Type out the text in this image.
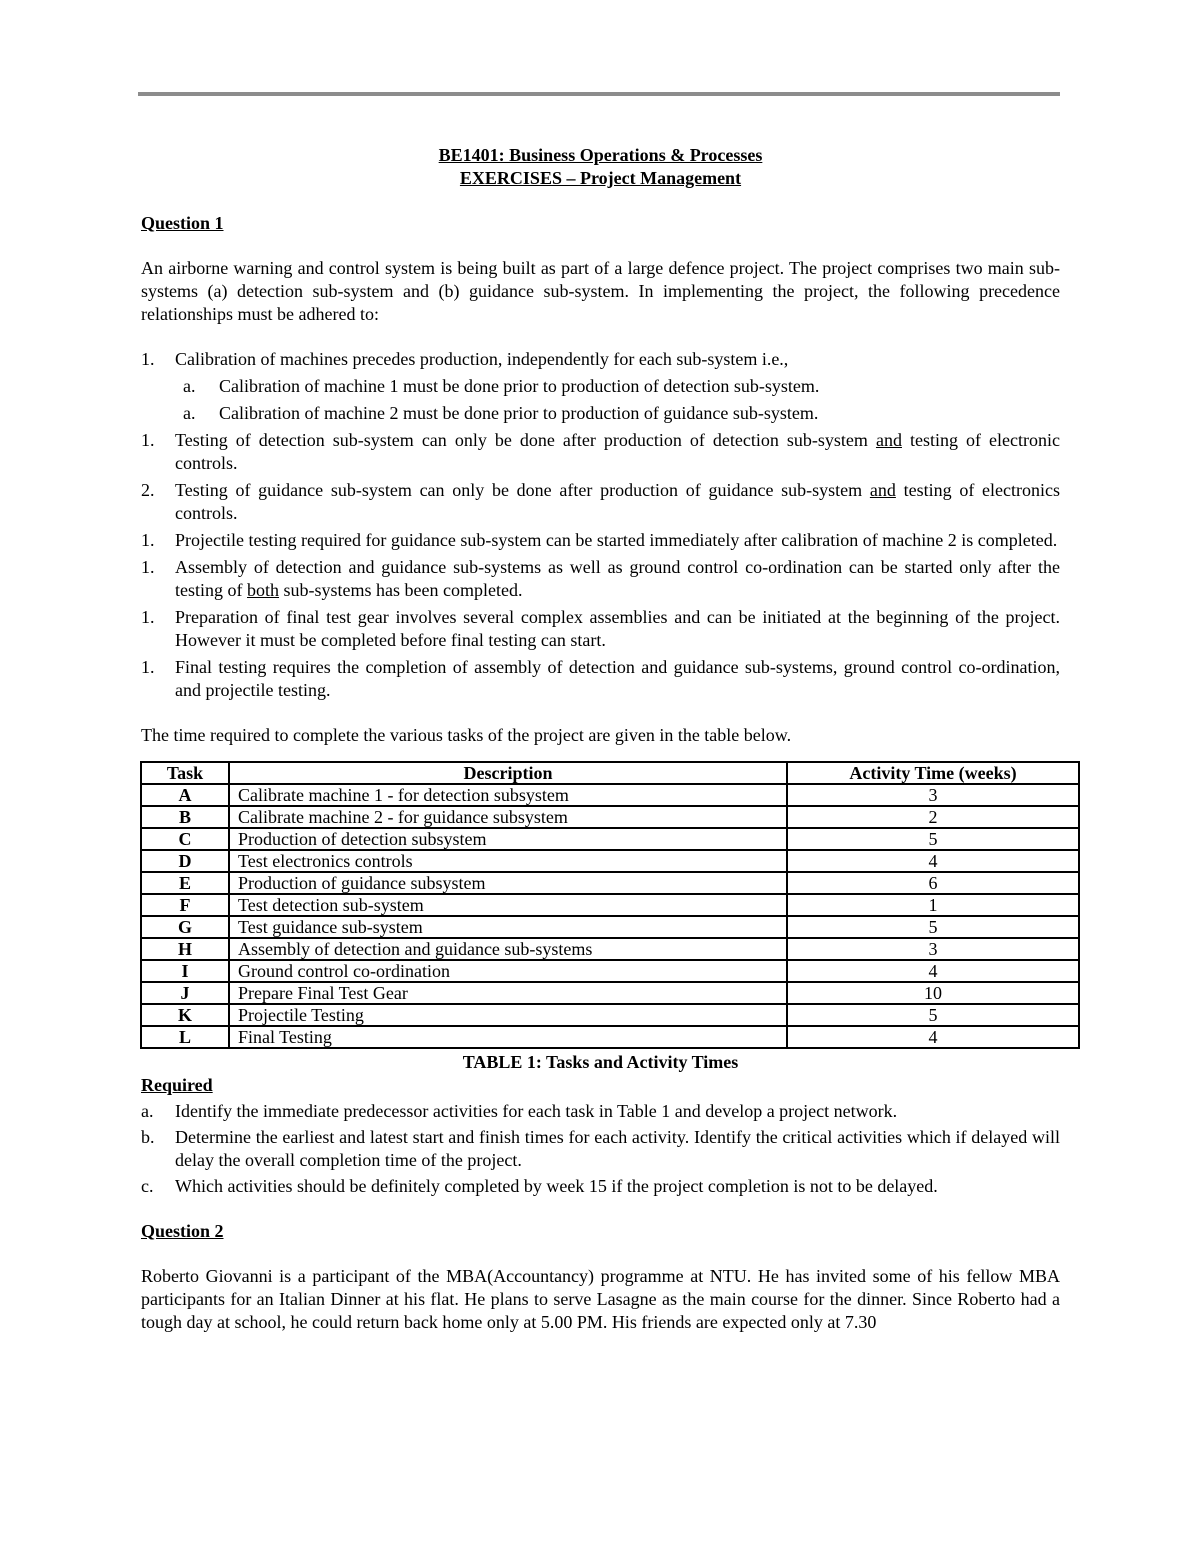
BE1401: Business Operations & Processes
EXERCISES – Project Management
Question 1
An airborne warning and control system is being built as part of a large defence project. The project comprises two main sub-systems (a) detection sub-system and (b) guidance sub-system. In implementing the project, the following precedence relationships must be adhered to:
1. Calibration of machines precedes production, independently for each sub-system i.e.,
a. Calibration of machine 1 must be done prior to production of detection sub-system.
a. Calibration of machine 2 must be done prior to production of guidance sub-system.
1. Testing of detection sub-system can only be done after production of detection sub-system and testing of electronic controls.
2. Testing of guidance sub-system can only be done after production of guidance sub-system and testing of electronics controls.
1. Projectile testing required for guidance sub-system can be started immediately after calibration of machine 2 is completed.
1. Assembly of detection and guidance sub-systems as well as ground control co-ordination can be started only after the testing of both sub-systems has been completed.
1. Preparation of final test gear involves several complex assemblies and can be initiated at the beginning of the project. However it must be completed before final testing can start.
1. Final testing requires the completion of assembly of detection and guidance sub-systems, ground control co-ordination, and projectile testing.
The time required to complete the various tasks of the project are given in the table below.
Task	Description	Activity Time (weeks)
A	Calibrate machine 1 - for detection subsystem	3
B	Calibrate machine 2 - for guidance subsystem	2
C	Production of detection subsystem	5
D	Test electronics controls	4
E	Production of guidance subsystem	6
F	Test detection sub-system	1
G	Test guidance sub-system	5
H	Assembly of detection and guidance sub-systems	3
I	Ground control co-ordination	4
J	Prepare Final Test Gear	10
K	Projectile Testing	5
L	Final Testing	4
TABLE 1: Tasks and Activity Times
Required
a. Identify the immediate predecessor activities for each task in Table 1 and develop a project network.
b. Determine the earliest and latest start and finish times for each activity. Identify the critical activities which if delayed will delay the overall completion time of the project.
c. Which activities should be definitely completed by week 15 if the project completion is not to be delayed.
Question 2
Roberto Giovanni is a participant of the MBA(Accountancy) programme at NTU. He has invited some of his fellow MBA participants for an Italian Dinner at his flat. He plans to serve Lasagne as the main course for the dinner. Since Roberto had a tough day at school, he could return back home only at 5.00 PM. His friends are expected only at 7.30
